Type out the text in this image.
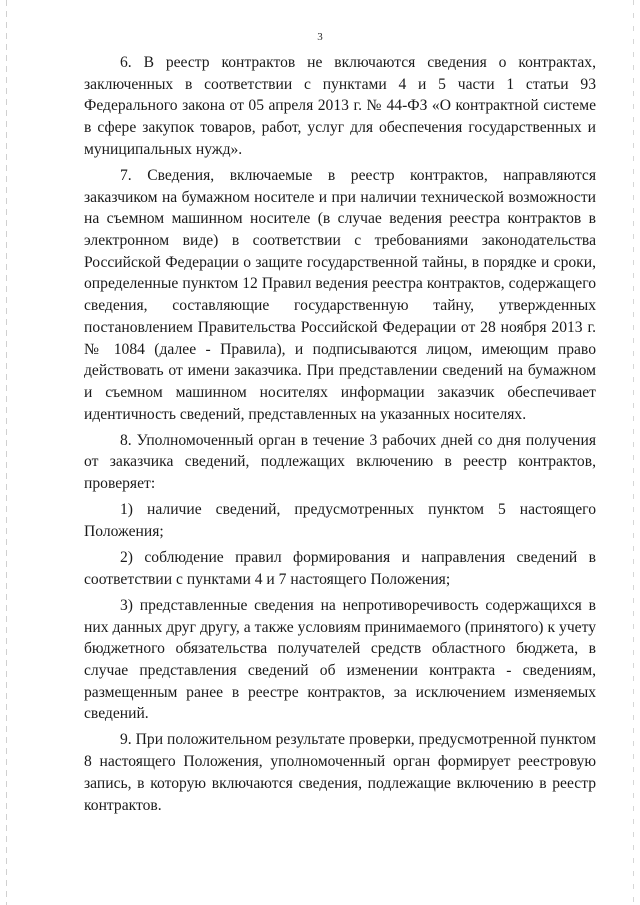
3

6. В реестр контрактов не включаются сведения о контрактах, заключенных в соответствии с пунктами 4 и 5 части 1 статьи 93 Федерального закона от 05 апреля 2013 г. № 44-ФЗ «О контрактной системе в сфере закупок товаров, работ, услуг для обеспечения государственных и муниципальных нужд».

7. Сведения, включаемые в реестр контрактов, направляются заказчиком на бумажном носителе и при наличии технической возможности на съемном машинном носителе (в случае ведения реестра контрактов в электронном виде) в соответствии с требованиями законодательства Российской Федерации о защите государственной тайны, в порядке и сроки, определенные пунктом 12 Правил ведения реестра контрактов, содержащего сведения, составляющие государственную тайну, утвержденных постановлением Правительства Российской Федерации от 28 ноября 2013 г. № 1084 (далее - Правила), и подписываются лицом, имеющим право действовать от имени заказчика. При представлении сведений на бумажном и съемном машинном носителях информации заказчик обеспечивает идентичность сведений, представленных на указанных носителях.

8. Уполномоченный орган в течение 3 рабочих дней со дня получения от заказчика сведений, подлежащих включению в реестр контрактов, проверяет:

1) наличие сведений, предусмотренных пунктом 5 настоящего Положения;

2) соблюдение правил формирования и направления сведений в соответствии с пунктами 4 и 7 настоящего Положения;

3) представленные сведения на непротиворечивость содержащихся в них данных друг другу, а также условиям принимаемого (принятого) к учету бюджетного обязательства получателей средств областного бюджета, в случае представления сведений об изменении контракта - сведениям, размещенным ранее в реестре контрактов, за исключением изменяемых сведений.

9. При положительном результате проверки, предусмотренной пунктом 8 настоящего Положения, уполномоченный орган формирует реестровую запись, в которую включаются сведения, подлежащие включению в реестр контрактов.
